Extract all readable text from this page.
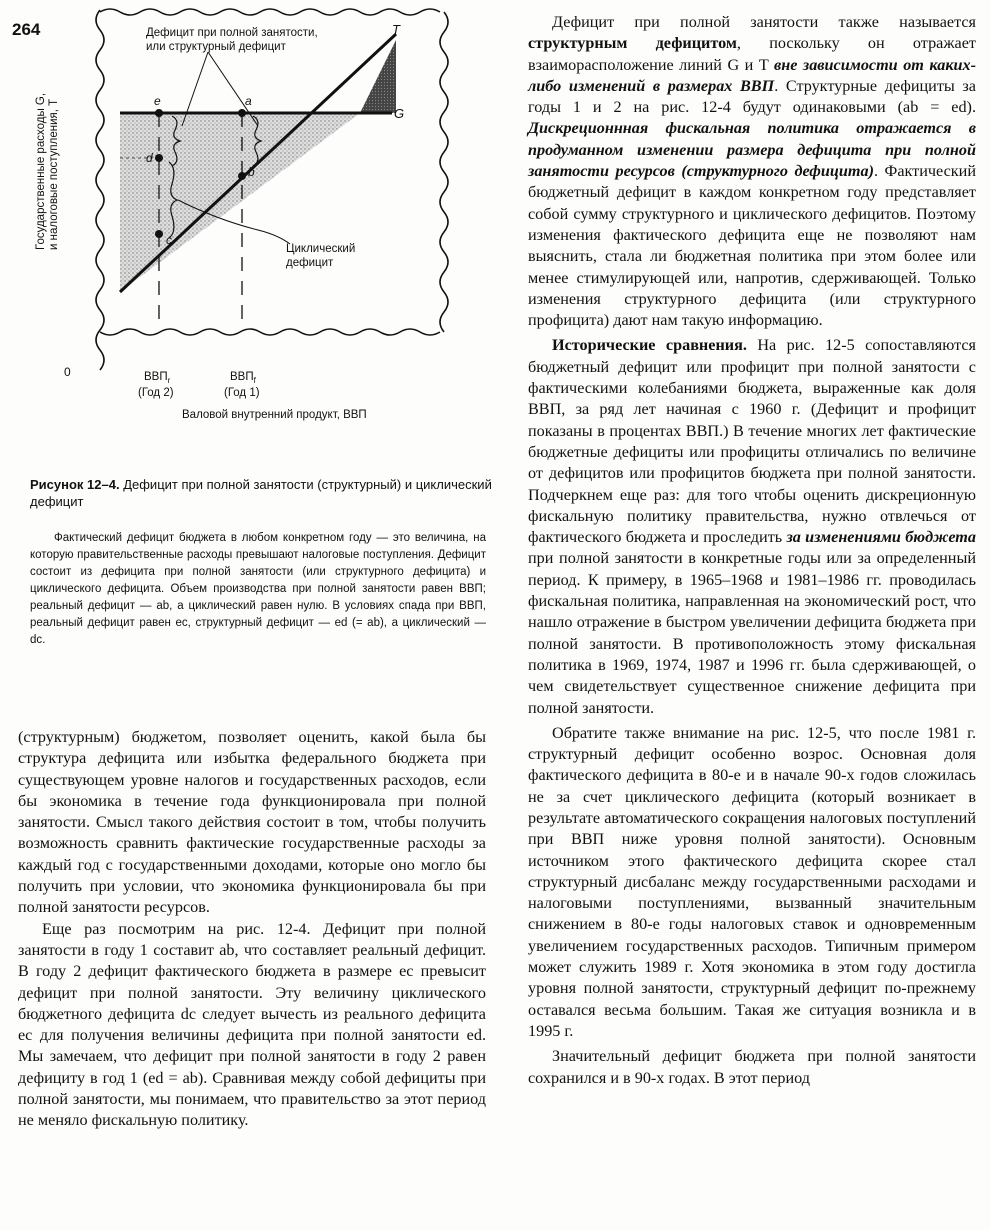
264
e	a
d
b
c
T
G
Дефицит при полной занятости,
или структурный дефицит
Циклический
дефицит
Государственные расходы G, и налоговые поступления, T
0	$ВВП_r$
(Год 2)
$ВВП_f$
(Год 1)
Валовой внутренний продукт, ВВП
Рисунок 12–4. Дефицит при полной занятости (структурный) и циклический дефицит
Фактический дефицит бюджета в любом конкретном году — это величина, на которую правительственные расходы превышают налоговые поступления. Дефицит состоит из дефицита при полной занятости (или структурного дефицита) и циклического дефицита. Объем производства при полной занятости равен ВВП; реальный дефицит — ab, а циклический равен нулю. В условиях спада при ВВП, реальный дефицит равен ec, структурный дефицит — ed (= ab), а циклический — dc.

(структурным) бюджетом, позволяет оценить, какой была бы структура дефицита или избытка федерального бюджета при существующем уровне налогов и государственных расходов, если бы экономика в течение года функционировала при полной занятости. Смысл такого действия состоит в том, чтобы получить возможность сравнить фактические государственные расходы за каждый год с государственными доходами, которые оно могло бы получить при условии, что экономика функционировала бы при полной занятости ресурсов.

Еще раз посмотрим на рис. 12-4. Дефицит при полной занятости в году 1 составит ab, что составляет реальный дефицит. В году 2 дефицит фактического бюджета в размере ec превысит дефицит при полной занятости. Эту величину циклического бюджетного дефицита dc следует вычесть из реального дефицита ec для получения величины дефицита при полной занятости ed. Мы замечаем, что дефицит при полной занятости в году 2 равен дефициту в год 1 (ed = ab). Сравнивая между собой дефициты при полной занятости, мы понимаем, что правительство за этот период не меняло фискальную политику.

Дефицит при полной занятости также называется структурным дефицитом, поскольку он отражает взаиморасположение линий G и T вне зависимости от каких-либо изменений в размерах ВВП. Структурные дефициты за годы 1 и 2 на рис. 12-4 будут одинаковыми (ab = ed). Дискреционнная фискальная политика отражается в продуманном изменении размера дефицита при полной занятости ресурсов (структурного дефицита). Фактический бюджетный дефицит в каждом конкретном году представляет собой сумму структурного и циклического дефицитов. Поэтому изменения фактического дефицита еще не позволяют нам выяснить, стала ли бюджетная политика при этом более или менее стимулирующей или, напротив, сдерживающей. Только изменения структурного дефицита (или структурного профицита) дают нам такую информацию.

Исторические сравнения. На рис. 12-5 сопоставляются бюджетный дефицит или профицит при полной занятости с фактическими колебаниями бюджета, выраженные как доля ВВП, за ряд лет начиная с 1960 г. (Дефицит и профицит показаны в процентах ВВП.) В течение многих лет фактические бюджетные дефициты или профициты отличались по величине от дефицитов или профицитов бюджета при полной занятости. Подчеркнем еще раз: для того чтобы оценить дискреционную фискальную политику правительства, нужно отвлечься от фактического бюджета и проследить за изменениями бюджета при полной занятости в конкретные годы или за определенный период. К примеру, в 1965–1968 и 1981–1986 гг. проводилась фискальная политика, направленная на экономический рост, что нашло отражение в быстром увеличении дефицита бюджета при полной занятости. В противоположность этому фискальная политика в 1969, 1974, 1987 и 1996 гг. была сдерживающей, о чем свидетельствует существенное снижение дефицита при полной занятости.

Обратите также внимание на рис. 12-5, что после 1981 г. структурный дефицит особенно возрос. Основная доля фактического дефицита в 80-е и в начале 90-х годов сложилась не за счет циклического дефицита (который возникает в результате автоматического сокращения налоговых поступлений при ВВП ниже уровня полной занятости). Основным источником этого фактического дефицита скорее стал структурный дисбаланс между государственными расходами и налоговыми поступлениями, вызванный значительным снижением в 80-е годы налоговых ставок и одновременным увеличением государственных расходов. Типичным примером может служить 1989 г. Хотя экономика в этом году достигла уровня полной занятости, структурный дефицит по-прежнему оставался весьма большим. Такая же ситуация возникла и в 1995 г.

Значительный дефицит бюджета при полной занятости сохранился и в 90-х годах. В этот период
